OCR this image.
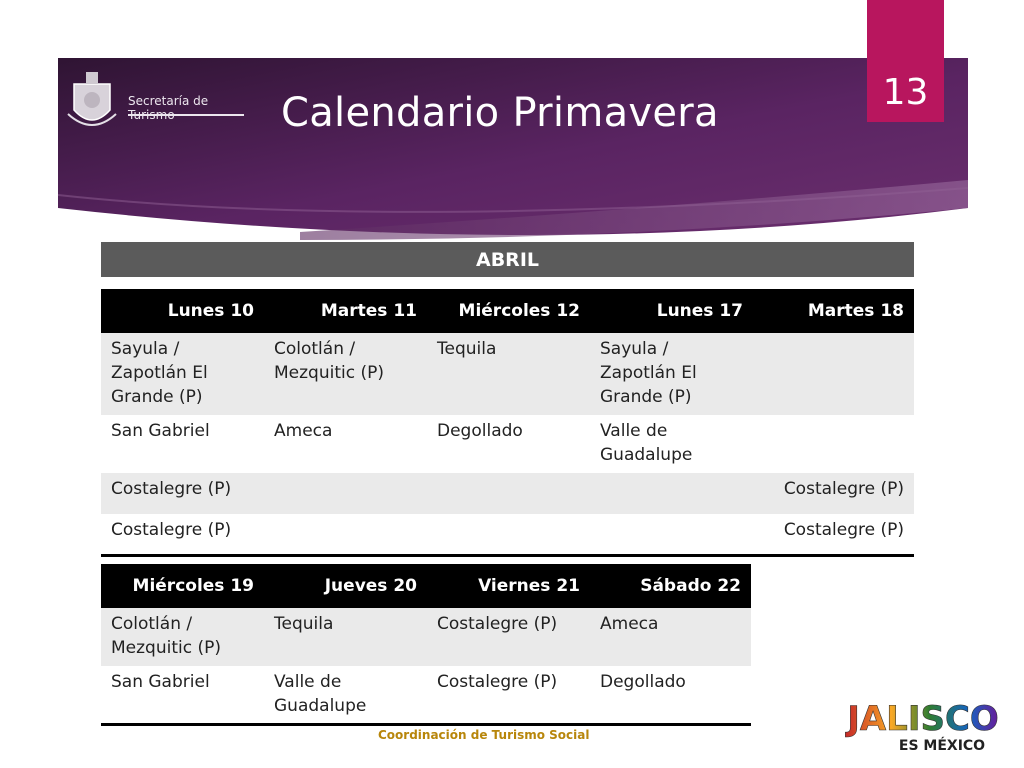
Secretaría de	Calendario Primavera	13
ABRIL
Lunes 10	Martes 11	Miércoles 12	Lunes 17	Martes 18
Sayula / Zapotlán El Grande (P)	Colotlán / Mezquitic (P)	Tequila	Sayula / Zapotlán El Grande (P)	
San Gabriel	Ameca	Degollado	Valle de Guadalupe	
Costalegre (P)				Costalegre (P)
Costalegre (P)				Costalegre (P)
Miércoles 19	Jueves 20	Viernes 21	Sábado 22
Colotlán / Mezquitic (P)	Tequila	Costalegre (P)	Ameca
San Gabriel	Valle de Guadalupe	Costalegre (P)	Degollado
Coordinación de Turismo Social	JALISCO
ES MÉXICO
